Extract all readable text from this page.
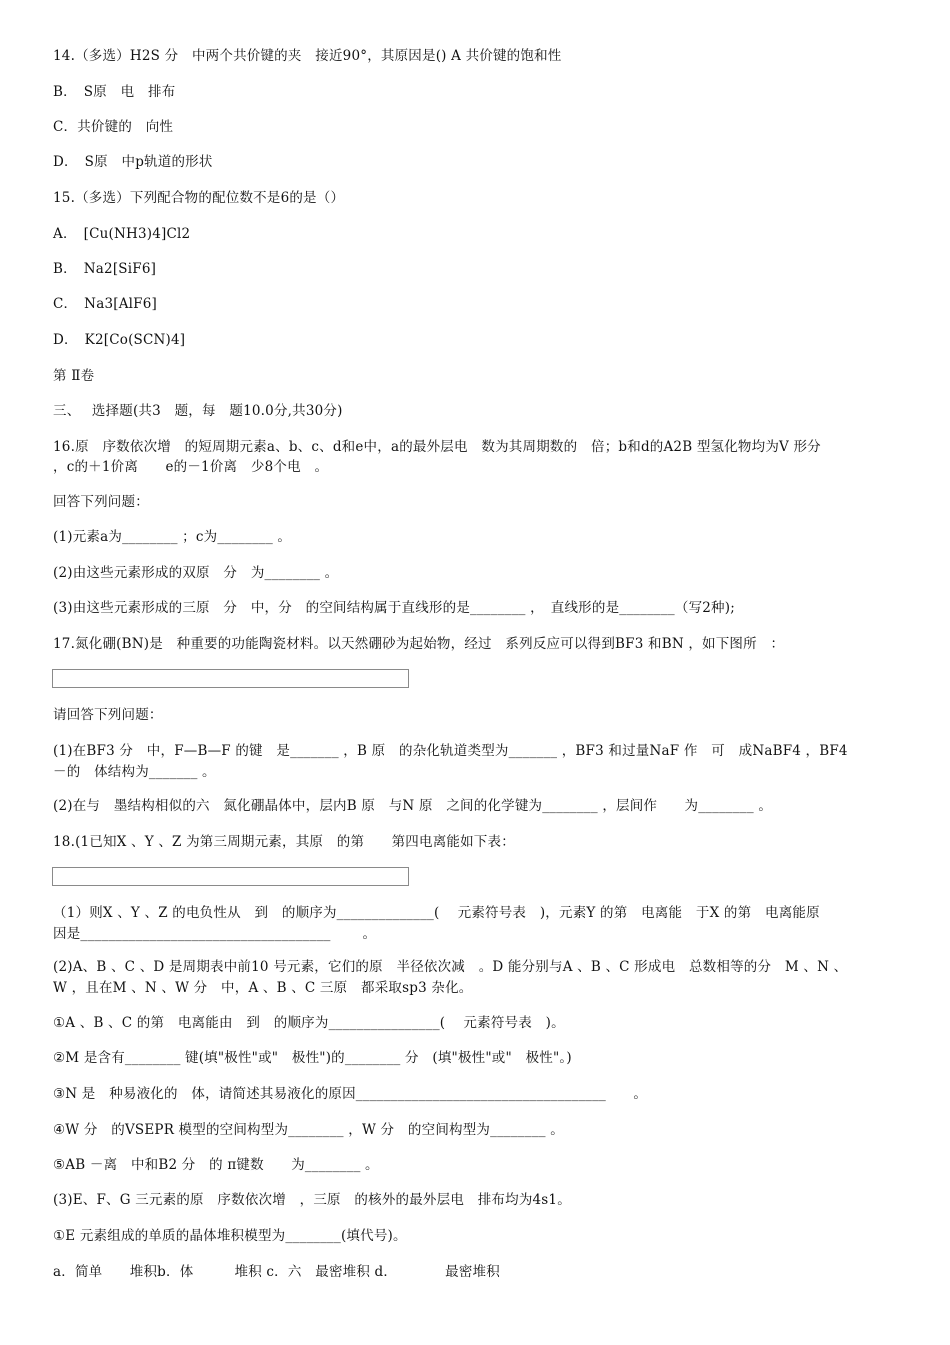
14.（多选）H2S 分　中两个共价键的夹　接近90°，其原因是() A 共价键的饱和性
B．　S原　电　排布
C．共价键的　向性
D．　S原　中p轨道的形状
15.（多选）下列配合物的配位数不是6的是（）
A．　[Cu(NH3)4]Cl2
B．　Na2[SiF6]
C．　Na3[AlF6]
D．　K2[Co(SCN)4]
第 Ⅱ卷
三、　 选择题(共3　题，每　题10.0分,共30分)
16.原　序数依次增　的短周期元素a、b、c、d和e中，a的最外层电　数为其周期数的　倍；b和d的A2B 型氢化物均为V 形分
，c的＋1价离　　e的－1价离　少8个电　。
回答下列问题：
(1)元素a为________ ；c为________ 。
(2)由这些元素形成的双原　分　为________ 。
(3)由这些元素形成的三原　分　中，分　的空间结构属于直线形的是________ ，　直线形的是________（写2种);
17.氮化硼(BN)是　种重要的功能陶瓷材料。以天然硼砂为起始物，经过　系列反应可以得到BF3 和BN ，如下图所　：
请回答下列问题：
(1)在BF3 分　中，F—B—F 的键　是_______ ，B 原　的杂化轨道类型为_______ ，BF3 和过量NaF 作　可　成NaBF4 ，BF4
－的　体结构为_______ 。
(2)在与　墨结构相似的六　氮化硼晶体中，层内B 原　与N 原　之间的化学键为________ ，层间作　　为________ 。
18.(1已知X 、Y 、Z 为第三周期元素，其原　的第　　第四电离能如下表：
（1）则X 、Y 、Z 的电负性从　到　的顺序为______________(　 元素符号表　)，元素Y 的第　电离能　于X 的第　电离能原
因是____________________________________　　 。
(2)A、B 、C 、D 是周期表中前10 号元素，它们的原　半径依次减　。D 能分别与A 、B 、C 形成电　总数相等的分　M 、N 、
W ，且在M 、N 、W 分　中，A 、B 、C 三原　都采取sp3 杂化。
①A 、B 、C 的第　电离能由　到　的顺序为________________(　 元素符号表　)。
②M 是含有________ 键(填"极性"或"　极性")的________ 分　(填"极性"或"　极性"。)
③N 是　种易液化的　体，请简述其易液化的原因____________________________________　　。
④W 分　的VSEPR 模型的空间构型为________ ，W 分　的空间构型为________ 。
⑤AB －离　中和B2 分　的 π键数　　为________ 。
(3)E、F、G 三元素的原　序数依次增　，三原　的核外的最外层电　排布均为4s1。
①E 元素组成的单质的晶体堆积模型为________(填代号)。
a．简单　　堆积b．体　　　堆积 c．六　最密堆积 d．　　　　最密堆积
